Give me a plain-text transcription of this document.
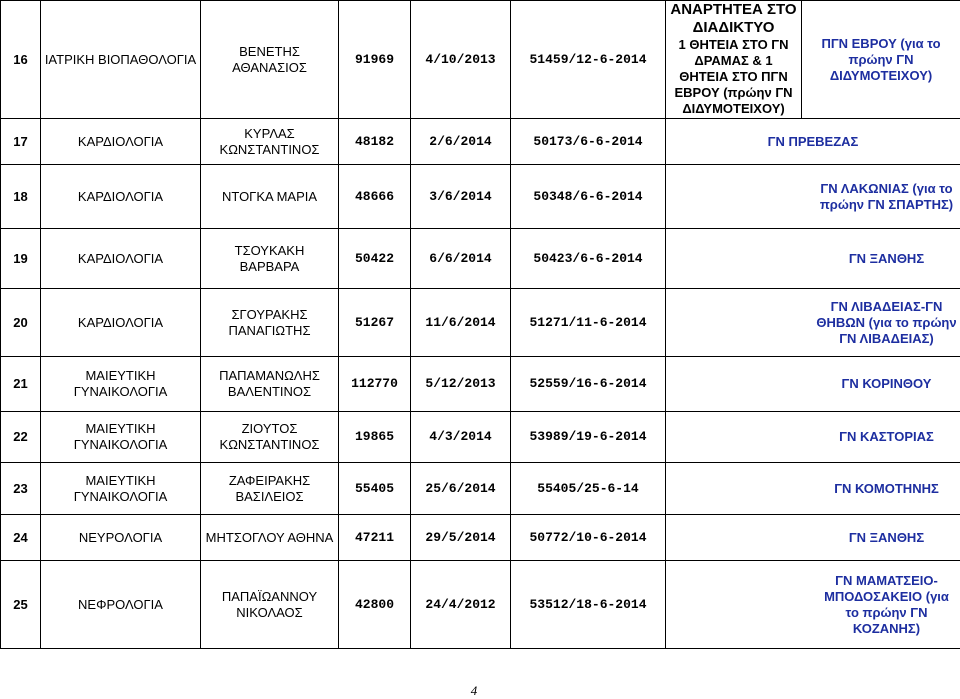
16	ΙΑΤΡΙΚΗ ΒΙΟΠΑΘΟΛΟΓΙΑ	ΒΕΝΕΤΗΣ ΑΘΑΝΑΣΙΟΣ	91969	4/10/2013	51459/12-6-2014	ΑΝΑΡΤΗΤΕΑ ΣΤΟ ΔΙΑΔΙΚΤΥΟ
1 ΘΗΤΕΙΑ ΣΤΟ ΓΝ ΔΡΑΜΑΣ & 1 ΘΗΤΕΙΑ ΣΤΟ ΠΓΝ ΕΒΡΟΥ (πρώην ΓΝ ΔΙΔΥΜΟΤΕΙΧΟΥ)	ΠΓΝ ΕΒΡΟΥ (για το πρώην ΓΝ ΔΙΔΥΜΟΤΕΙΧΟΥ)
17	ΚΑΡΔΙΟΛΟΓΙΑ	ΚΥΡΛΑΣ ΚΩΝΣΤΑΝΤΙΝΟΣ	48182	2/6/2014	50173/6-6-2014	ΓΝ ΠΡΕΒΕΖΑΣ	
18	ΚΑΡΔΙΟΛΟΓΙΑ	ΝΤΟΓΚΑ ΜΑΡΙΑ	48666	3/6/2014	50348/6-6-2014	ΓΝ ΛΑΚΩΝΙΑΣ (για το πρώην ΓΝ ΣΠΑΡΤΗΣ)	
19	ΚΑΡΔΙΟΛΟΓΙΑ	ΤΣΟΥΚΑΚΗ ΒΑΡΒΑΡΑ	50422	6/6/2014	50423/6-6-2014	ΓΝ ΞΑΝΘΗΣ	
20	ΚΑΡΔΙΟΛΟΓΙΑ	ΣΓΟΥΡΑΚΗΣ ΠΑΝΑΓΙΩΤΗΣ	51267	11/6/2014	51271/11-6-2014	ΓΝ ΛΙΒΑΔΕΙΑΣ-ΓΝ ΘΗΒΩΝ (για το πρώην ΓΝ ΛΙΒΑΔΕΙΑΣ)	
21	ΜΑΙΕΥΤΙΚΗ ΓΥΝΑΙΚΟΛΟΓΙΑ	ΠΑΠΑΜΑΝΩΛΗΣ ΒΑΛΕΝΤΙΝΟΣ	112770	5/12/2013	52559/16-6-2014	ΓΝ ΚΟΡΙΝΘΟΥ	
22	ΜΑΙΕΥΤΙΚΗ ΓΥΝΑΙΚΟΛΟΓΙΑ	ΖΙΟΥΤΟΣ ΚΩΝΣΤΑΝΤΙΝΟΣ	19865	4/3/2014	53989/19-6-2014	ΓΝ ΚΑΣΤΟΡΙΑΣ	
23	ΜΑΙΕΥΤΙΚΗ ΓΥΝΑΙΚΟΛΟΓΙΑ	ΖΑΦΕΙΡΑΚΗΣ ΒΑΣΙΛΕΙΟΣ	55405	25/6/2014	55405/25-6-14	ΓΝ ΚΟΜΟΤΗΝΗΣ	
24	ΝΕΥΡΟΛΟΓΙΑ	ΜΗΤΣΟΓΛΟΥ ΑΘΗΝΑ	47211	29/5/2014	50772/10-6-2014	ΓΝ ΞΑΝΘΗΣ	
25	ΝΕΦΡΟΛΟΓΙΑ	ΠΑΠΑΪΩΑΝΝΟΥ ΝΙΚΟΛΑΟΣ	42800	24/4/2012	53512/18-6-2014	ΓΝ ΜΑΜΑΤΣΕΙΟ-ΜΠΟΔΟΣΑΚΕΙΟ (για το πρώην ΓΝ ΚΟΖΑΝΗΣ)	
4
